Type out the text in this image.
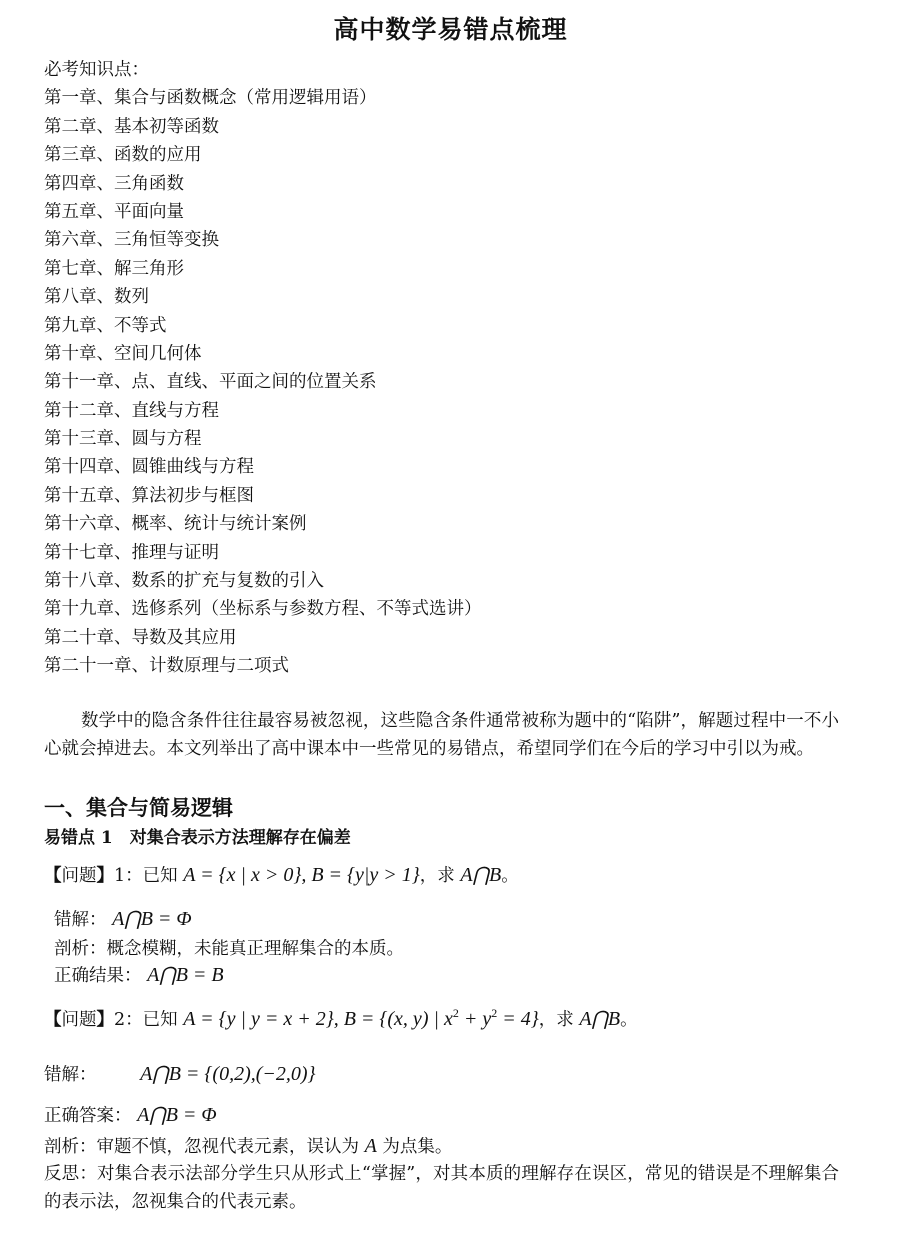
高中数学易错点梳理
必考知识点：
第一章、集合与函数概念（常用逻辑用语）
第二章、基本初等函数
第三章、函数的应用
第四章、三角函数
第五章、平面向量
第六章、三角恒等变换
第七章、解三角形
第八章、数列
第九章、不等式
第十章、空间几何体
第十一章、点、直线、平面之间的位置关系
第十二章、直线与方程
第十三章、圆与方程
第十四章、圆锥曲线与方程
第十五章、算法初步与框图
第十六章、概率、统计与统计案例
第十七章、推理与证明
第十八章、数系的扩充与复数的引入
第十九章、选修系列（坐标系与参数方程、不等式选讲）
第二十章、导数及其应用
第二十一章、计数原理与二项式
数学中的隐含条件往往最容易被忽视，这些隐含条件通常被称为题中的“陷阱”，解题过程中一不小心就会掉进去。本文列举出了高中课本中一些常见的易错点，希望同学们在今后的学习中引以为戒。
一、集合与简易逻辑
易错点 1　对集合表示方法理解存在偏差
【问题】1：已知 A = {x | x > 0}, B = {y|y > 1}，求 A⋂B。
错解： A⋂B = Φ
剖析：概念模糊，未能真正理解集合的本质。
正确结果： A⋂B = B
【问题】2：已知 A = {y | y = x + 2}, B = {(x, y) | $x^2 + y^2 = 4$}，求 A⋂B。
错解： A⋂B = {(0,2),(−2,0)}
正确答案： A⋂B = Φ
剖析：审题不慎，忽视代表元素，误认为 A 为点集。
反思：对集合表示法部分学生只从形式上“掌握”，对其本质的理解存在误区，常见的错误是不理解集合的表示法，忽视集合的代表元素。
